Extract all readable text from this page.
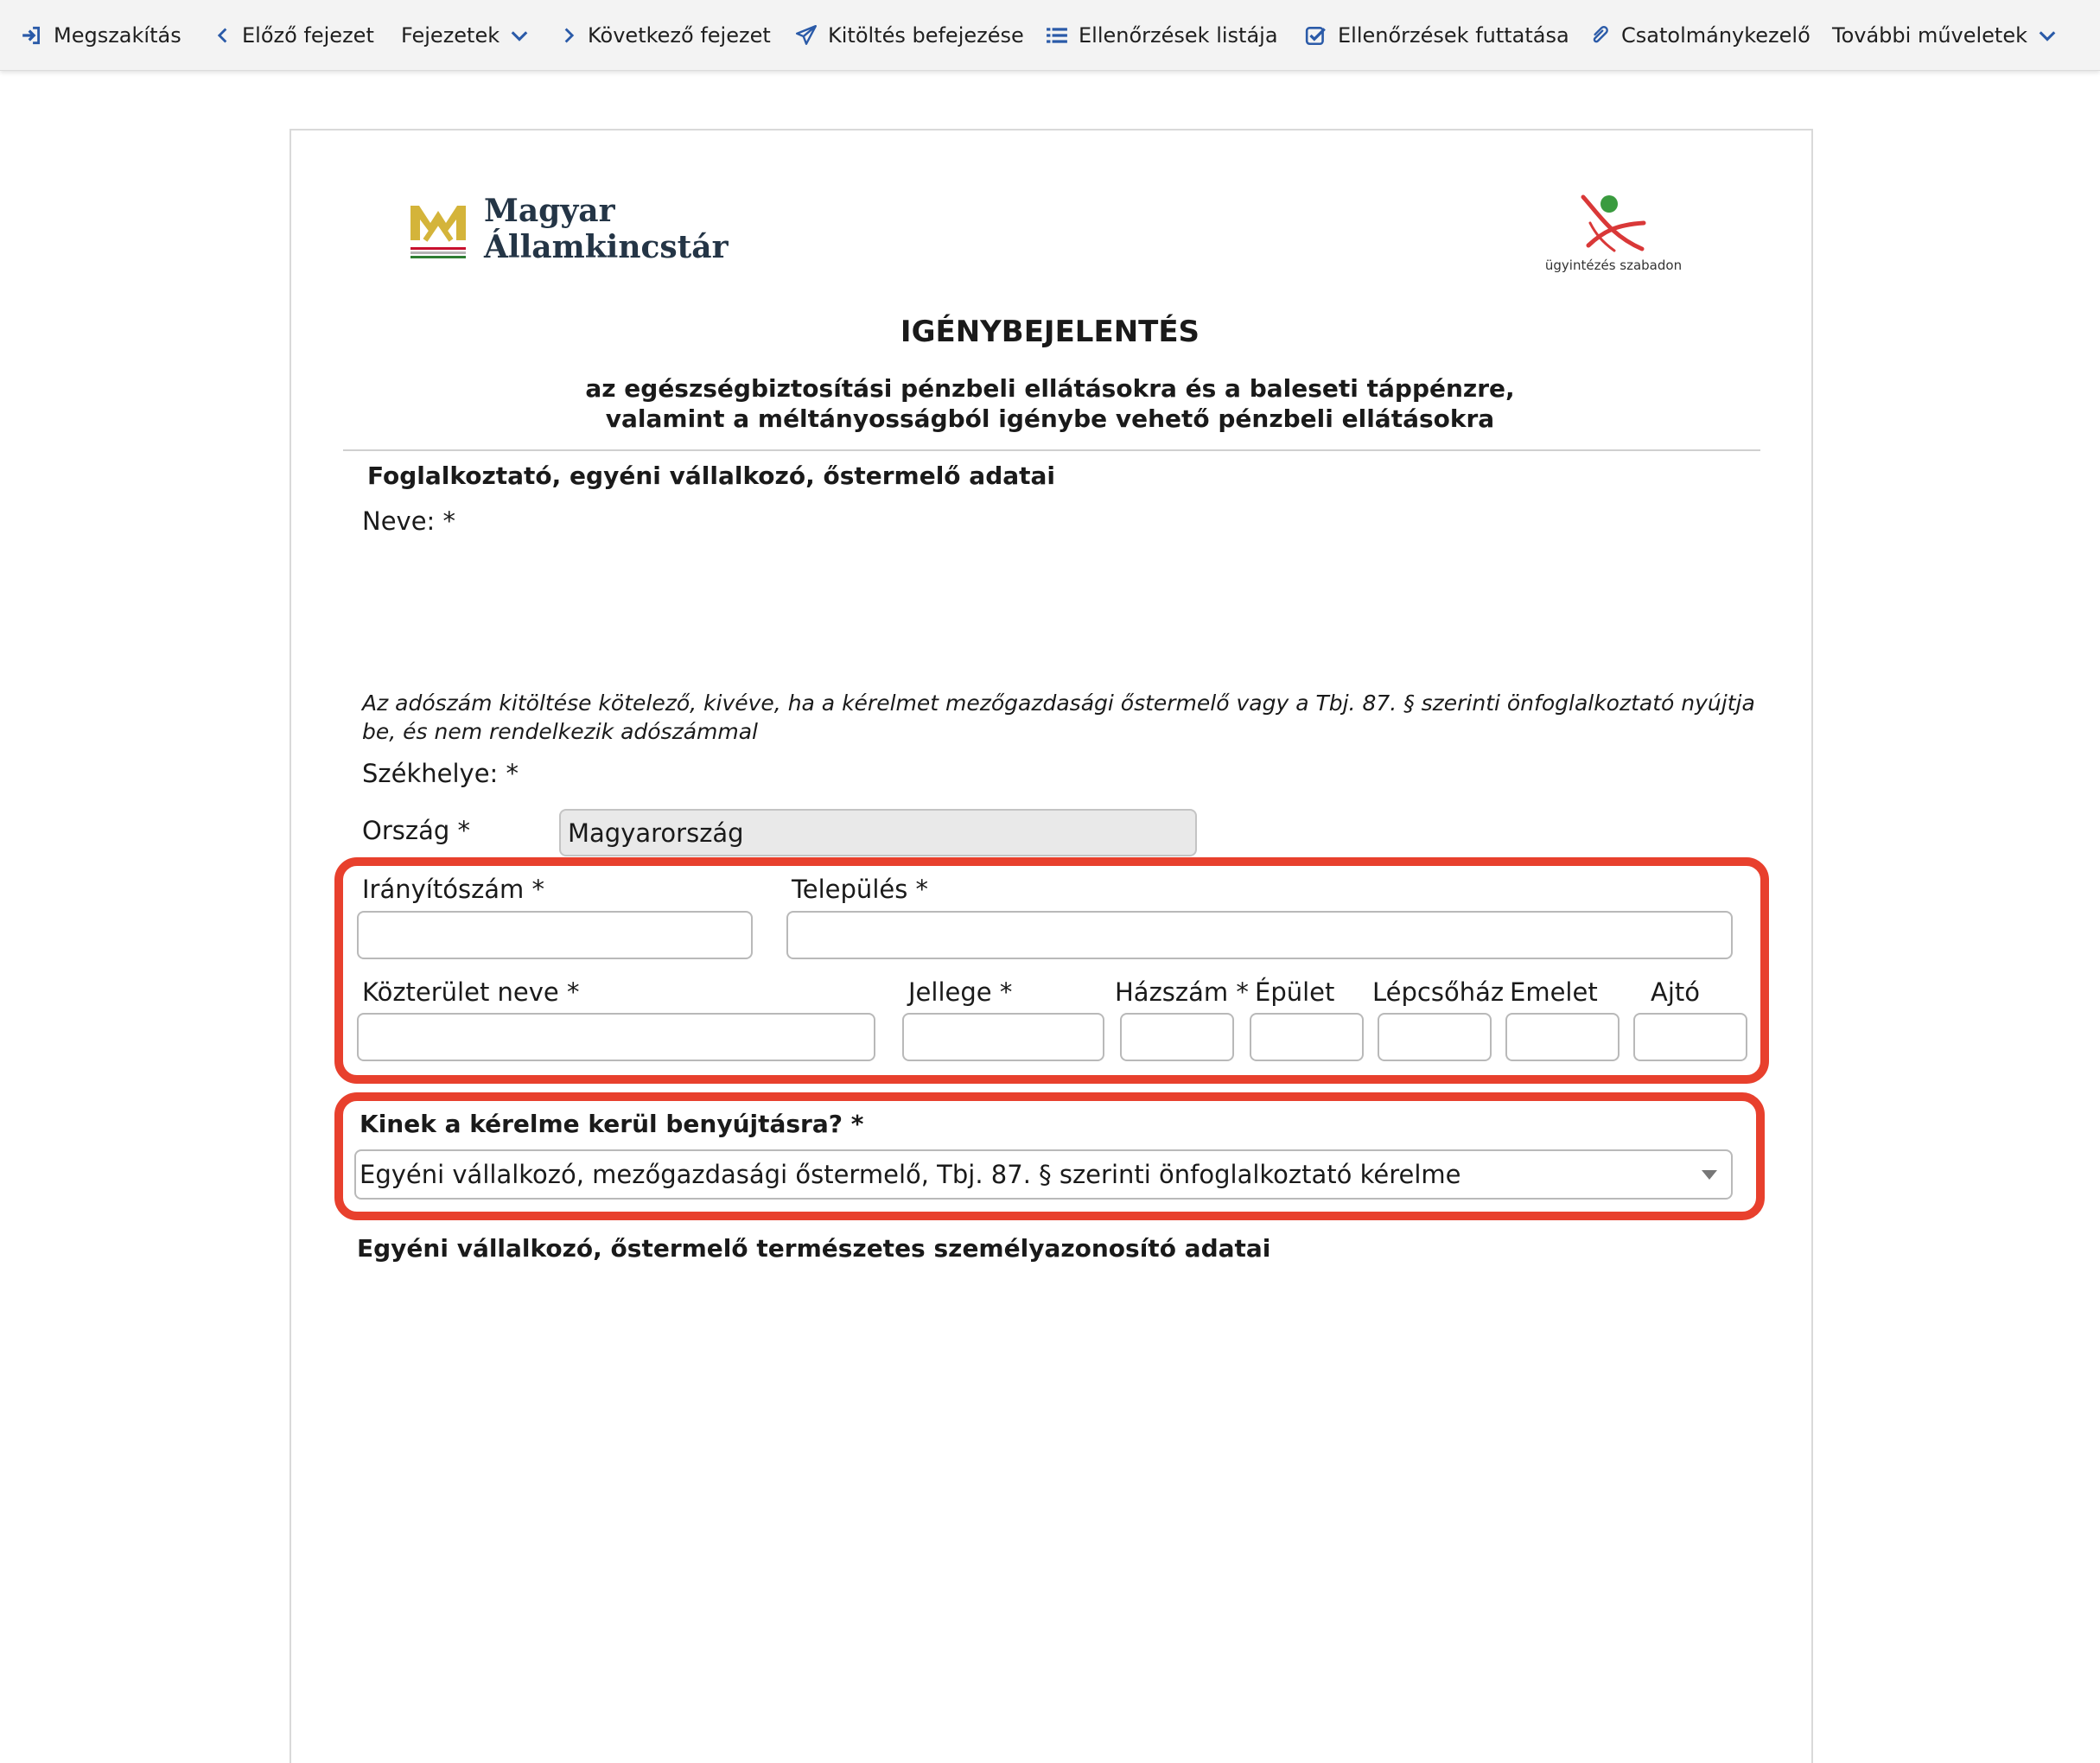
Megszakítás	Előző fejezet Fejezetek	Következő fejezet	Kitöltés befejezése	Ellenőrzések listája	Ellenőrzések futtatása	Csatolmánykezelő További műveletek
Magyar
Államkincstár	ügyintézés szabadon
IGÉNYBEJELENTÉS
az egészségbiztosítási pénzbeli ellátásokra és a baleseti táppénzre,
valamint a méltányosságból igénybe vehető pénzbeli ellátásokra
Foglalkoztató, egyéni vállalkozó, őstermelő adatai
Neve: *
Az adószám kitöltése kötelező, kivéve, ha a kérelmet mezőgazdasági őstermelő vagy a Tbj. 87. § szerinti önfoglalkoztató nyújtja be, és nem rendelkezik adószámmal
Székhelye: *
Ország *	Magyarország
Irányítószám *	Település *
Közterület neve *	Jellege *	Házszám * Épület Lépcsőház Emelet Ajtó
Kinek a kérelme kerül benyújtásra? *
Egyéni vállalkozó, mezőgazdasági őstermelő, Tbj. 87. § szerinti önfoglalkoztató kérelme
Egyéni vállalkozó, őstermelő természetes személyazonosító adatai
